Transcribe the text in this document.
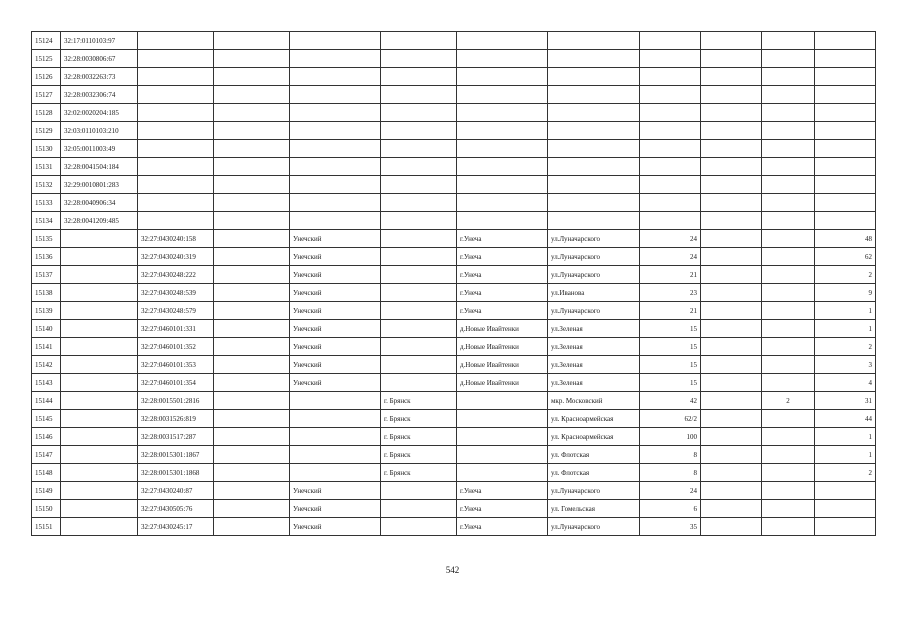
15124	32:17:0110103:97										
15125	32:28:0030806:67										
15126	32:28:0032263:73										
15127	32:28:0032306:74										
15128	32:02:0020204:185										
15129	32:03:0110103:210										
15130	32:05:0011003:49										
15131	32:28:0041504:184										
15132	32:29:0010801:283										
15133	32:28:0040906:34										
15134	32:28:0041209:485										
15135		32:27:0430240:158		Унечский		г.Унеча	ул.Луначарского	24			48
15136		32:27:0430240:319		Унечский		г.Унеча	ул.Луначарского	24			62
15137		32:27:0430248:222		Унечский		г.Унеча	ул.Луначарского	21			2
15138		32:27:0430248:539		Унечский		г.Унеча	ул.Иванова	23			9
15139		32:27:0430248:579		Унечский		г.Унеча	ул.Луначарского	21			1
15140		32:27:0460101:331		Унечский		д.Новые Ивайтенки	ул.Зеленая	15			1
15141		32:27:0460101:352		Унечский		д.Новые Ивайтенки	ул.Зеленая	15			2
15142		32:27:0460101:353		Унечский		д.Новые Ивайтенки	ул.Зеленая	15			3
15143		32:27:0460101:354		Унечский		д.Новые Ивайтенки	ул.Зеленая	15			4
15144		32:28:0015501:2816			г. Брянск		мкр. Московский	42		2	31
15145		32:28:0031526:819			г. Брянск		ул. Красноармейская	62/2			44
15146		32:28:0031517:287			г. Брянск		ул. Красноармейская	100			1
15147		32:28:0015301:1867			г. Брянск		ул. Флотская	8			1
15148		32:28:0015301:1868			г. Брянск		ул. Флотская	8			2
15149		32:27:0430240:87		Унечский		г.Унеча	ул.Луначарского	24			
15150		32:27:0430505:76		Унечский		г.Унеча	ул. Гомельская	6			
15151		32:27:0430245:17		Унечский		г.Унеча	ул.Луначарского	35			
542
